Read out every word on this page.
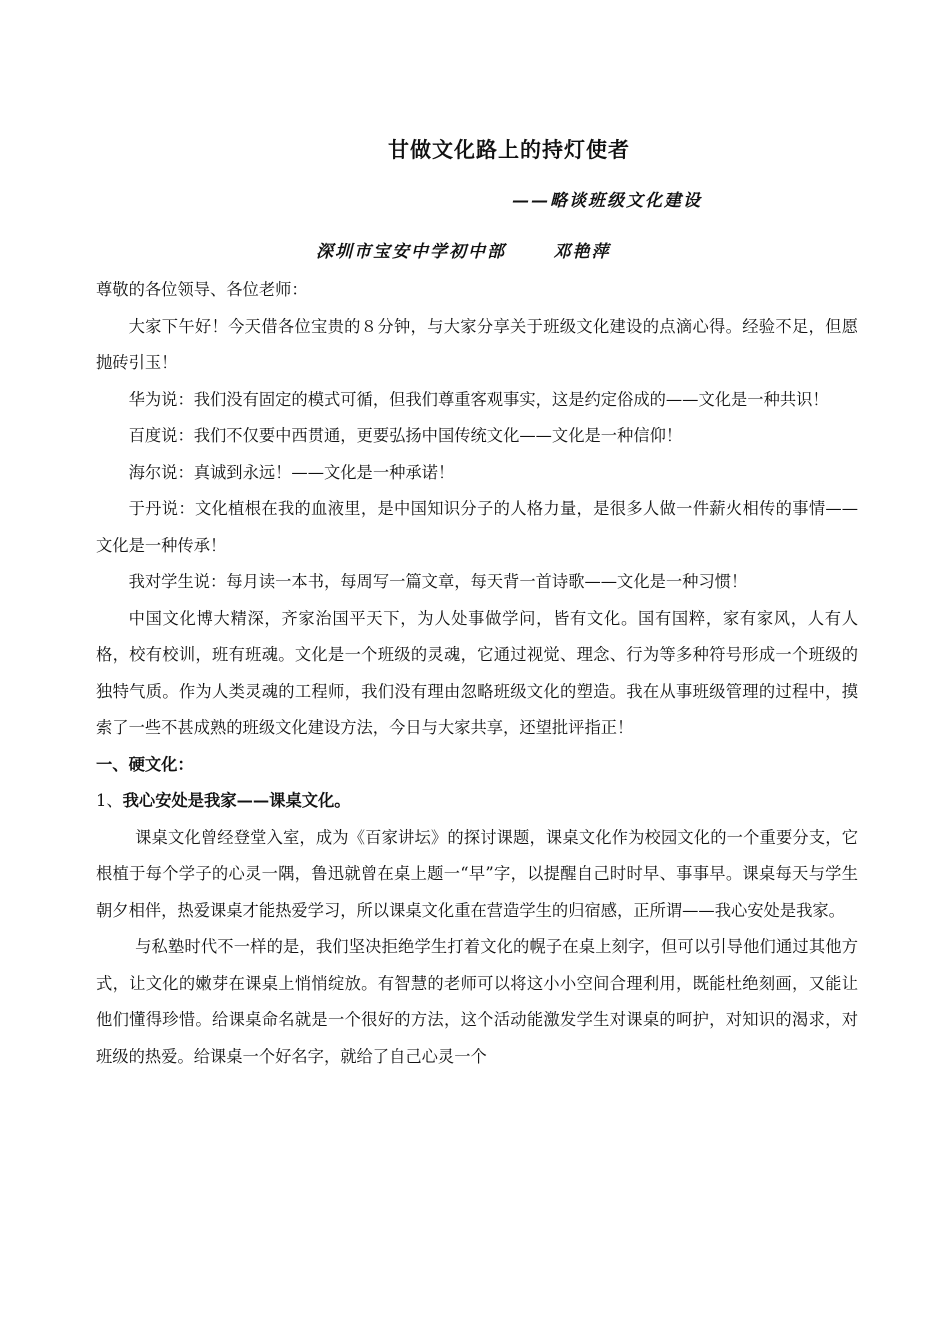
甘做文化路上的持灯使者
——略谈班级文化建设
深圳市宝安中学初中部      邓艳萍

尊敬的各位领导、各位老师：

大家下午好！今天借各位宝贵的８分钟，与大家分享关于班级文化建设的点滴心得。经验不足，但愿抛砖引玉！

华为说：我们没有固定的模式可循，但我们尊重客观事实，这是约定俗成的——文化是一种共识！

百度说：我们不仅要中西贯通，更要弘扬中国传统文化——文化是一种信仰！

海尔说：真诚到永远！——文化是一种承诺！

于丹说：文化植根在我的血液里，是中国知识分子的人格力量，是很多人做一件薪火相传的事情——文化是一种传承！

我对学生说：每月读一本书，每周写一篇文章，每天背一首诗歌——文化是一种习惯！

中国文化博大精深，齐家治国平天下，为人处事做学问，皆有文化。国有国粹，家有家风，人有人格，校有校训，班有班魂。文化是一个班级的灵魂，它通过视觉、理念、行为等多种符号形成一个班级的独特气质。作为人类灵魂的工程师，我们没有理由忽略班级文化的塑造。我在从事班级管理的过程中，摸索了一些不甚成熟的班级文化建设方法，今日与大家共享，还望批评指正！

一、硬文化：

1、我心安处是我家——课桌文化。

课桌文化曾经登堂入室，成为《百家讲坛》的探讨课题，课桌文化作为校园文化的一个重要分支，它根植于每个学子的心灵一隅，鲁迅就曾在桌上题一“早”字，以提醒自己时时早、事事早。课桌每天与学生朝夕相伴，热爱课桌才能热爱学习，所以课桌文化重在营造学生的归宿感，正所谓——我心安处是我家。

与私塾时代不一样的是，我们坚决拒绝学生打着文化的幌子在桌上刻字，但可以引导他们通过其他方式，让文化的嫩芽在课桌上悄悄绽放。有智慧的老师可以将这小小空间合理利用，既能杜绝刻画，又能让他们懂得珍惜。给课桌命名就是一个很好的方法，这个活动能激发学生对课桌的呵护，对知识的渴求，对班级的热爱。给课桌一个好名字，就给了自己心灵一个
